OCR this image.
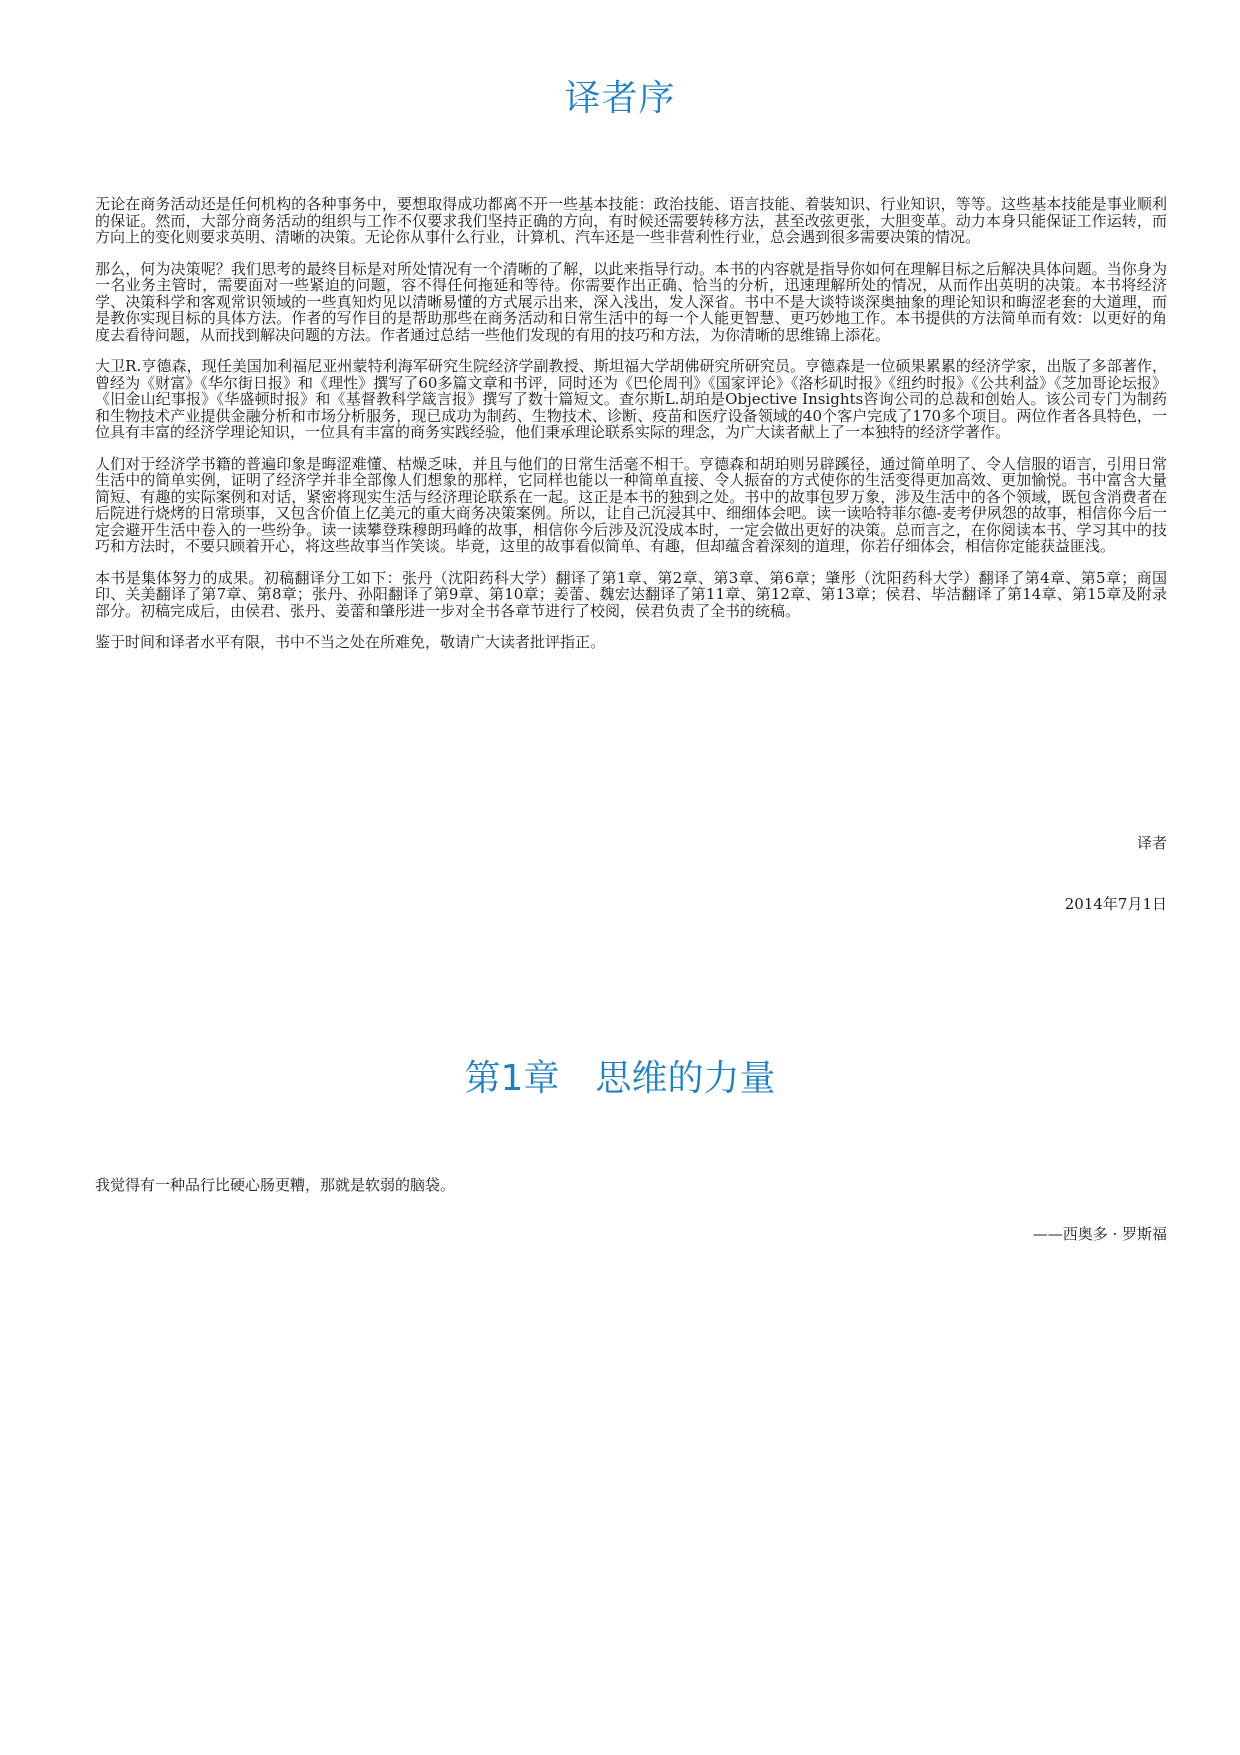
译者序

无论在商务活动还是任何机构的各种事务中，要想取得成功都离不开一些基本技能：政治技能、语言技能、着装知识、行业知识，等等。这些基本技能是事业顺利的保证。然而，大部分商务活动的组织与工作不仅要求我们坚持正确的方向，有时候还需要转移方法，甚至改弦更张，大胆变革。动力本身只能保证工作运转，而方向上的变化则要求英明、清晰的决策。无论你从事什么行业，计算机、汽车还是一些非营利性行业，总会遇到很多需要决策的情况。

那么，何为决策呢？我们思考的最终目标是对所处情况有一个清晰的了解，以此来指导行动。本书的内容就是指导你如何在理解目标之后解决具体问题。当你身为一名业务主管时，需要面对一些紧迫的问题，容不得任何拖延和等待。你需要作出正确、恰当的分析，迅速理解所处的情况，从而作出英明的决策。本书将经济学、决策科学和客观常识领域的一些真知灼见以清晰易懂的方式展示出来，深入浅出，发人深省。书中不是大谈特谈深奥抽象的理论知识和晦涩老套的大道理，而是教你实现目标的具体方法。作者的写作目的是帮助那些在商务活动和日常生活中的每一个人能更智慧、更巧妙地工作。本书提供的方法简单而有效：以更好的角度去看待问题，从而找到解决问题的方法。作者通过总结一些他们发现的有用的技巧和方法，为你清晰的思维锦上添花。

大卫R.亨德森，现任美国加利福尼亚州蒙特利海军研究生院经济学副教授、斯坦福大学胡佛研究所研究员。亨德森是一位硕果累累的经济学家，出版了多部著作，曾经为《财富》《华尔街日报》和《理性》撰写了60多篇文章和书评，同时还为《巴伦周刊》《国家评论》《洛杉矶时报》《纽约时报》《公共利益》《芝加哥论坛报》《旧金山纪事报》《华盛顿时报》和《基督教科学箴言报》撰写了数十篇短文。查尔斯L.胡珀是Objective Insights咨询公司的总裁和创始人。该公司专门为制药和生物技术产业提供金融分析和市场分析服务，现已成功为制药、生物技术、诊断、疫苗和医疗设备领域的40个客户完成了170多个项目。两位作者各具特色，一位具有丰富的经济学理论知识，一位具有丰富的商务实践经验，他们秉承理论联系实际的理念，为广大读者献上了一本独特的经济学著作。

人们对于经济学书籍的普遍印象是晦涩难懂、枯燥乏味，并且与他们的日常生活毫不相干。亨德森和胡珀则另辟蹊径，通过简单明了、令人信服的语言，引用日常生活中的简单实例，证明了经济学并非全部像人们想象的那样，它同样也能以一种简单直接、令人振奋的方式使你的生活变得更加高效、更加愉悦。书中富含大量简短、有趣的实际案例和对话，紧密将现实生活与经济理论联系在一起。这正是本书的独到之处。书中的故事包罗万象，涉及生活中的各个领域，既包含消费者在后院进行烧烤的日常琐事，又包含价值上亿美元的重大商务决策案例。所以，让自己沉浸其中、细细体会吧。读一读哈特菲尔德-麦考伊夙怨的故事，相信你今后一定会避开生活中卷入的一些纷争。读一读攀登珠穆朗玛峰的故事，相信你今后涉及沉没成本时，一定会做出更好的决策。总而言之，在你阅读本书、学习其中的技巧和方法时，不要只顾着开心，将这些故事当作笑谈。毕竟，这里的故事看似简单、有趣，但却蕴含着深刻的道理，你若仔细体会，相信你定能获益匪浅。

本书是集体努力的成果。初稿翻译分工如下：张丹（沈阳药科大学）翻译了第1章、第2章、第3章、第6章；肇彤（沈阳药科大学）翻译了第4章、第5章；商国印、关美翻译了第7章、第8章；张丹、孙阳翻译了第9章、第10章；姜蕾、魏宏达翻译了第11章、第12章、第13章；侯君、毕洁翻译了第14章、第15章及附录部分。初稿完成后，由侯君、张丹、姜蕾和肇彤进一步对全书各章节进行了校阅，侯君负责了全书的统稿。

鉴于时间和译者水平有限，书中不当之处在所难免，敬请广大读者批评指正。

译者
2014年7月1日
第1章　思维的力量
我觉得有一种品行比硬心肠更糟，那就是软弱的脑袋。
——西奥多 · 罗斯福
